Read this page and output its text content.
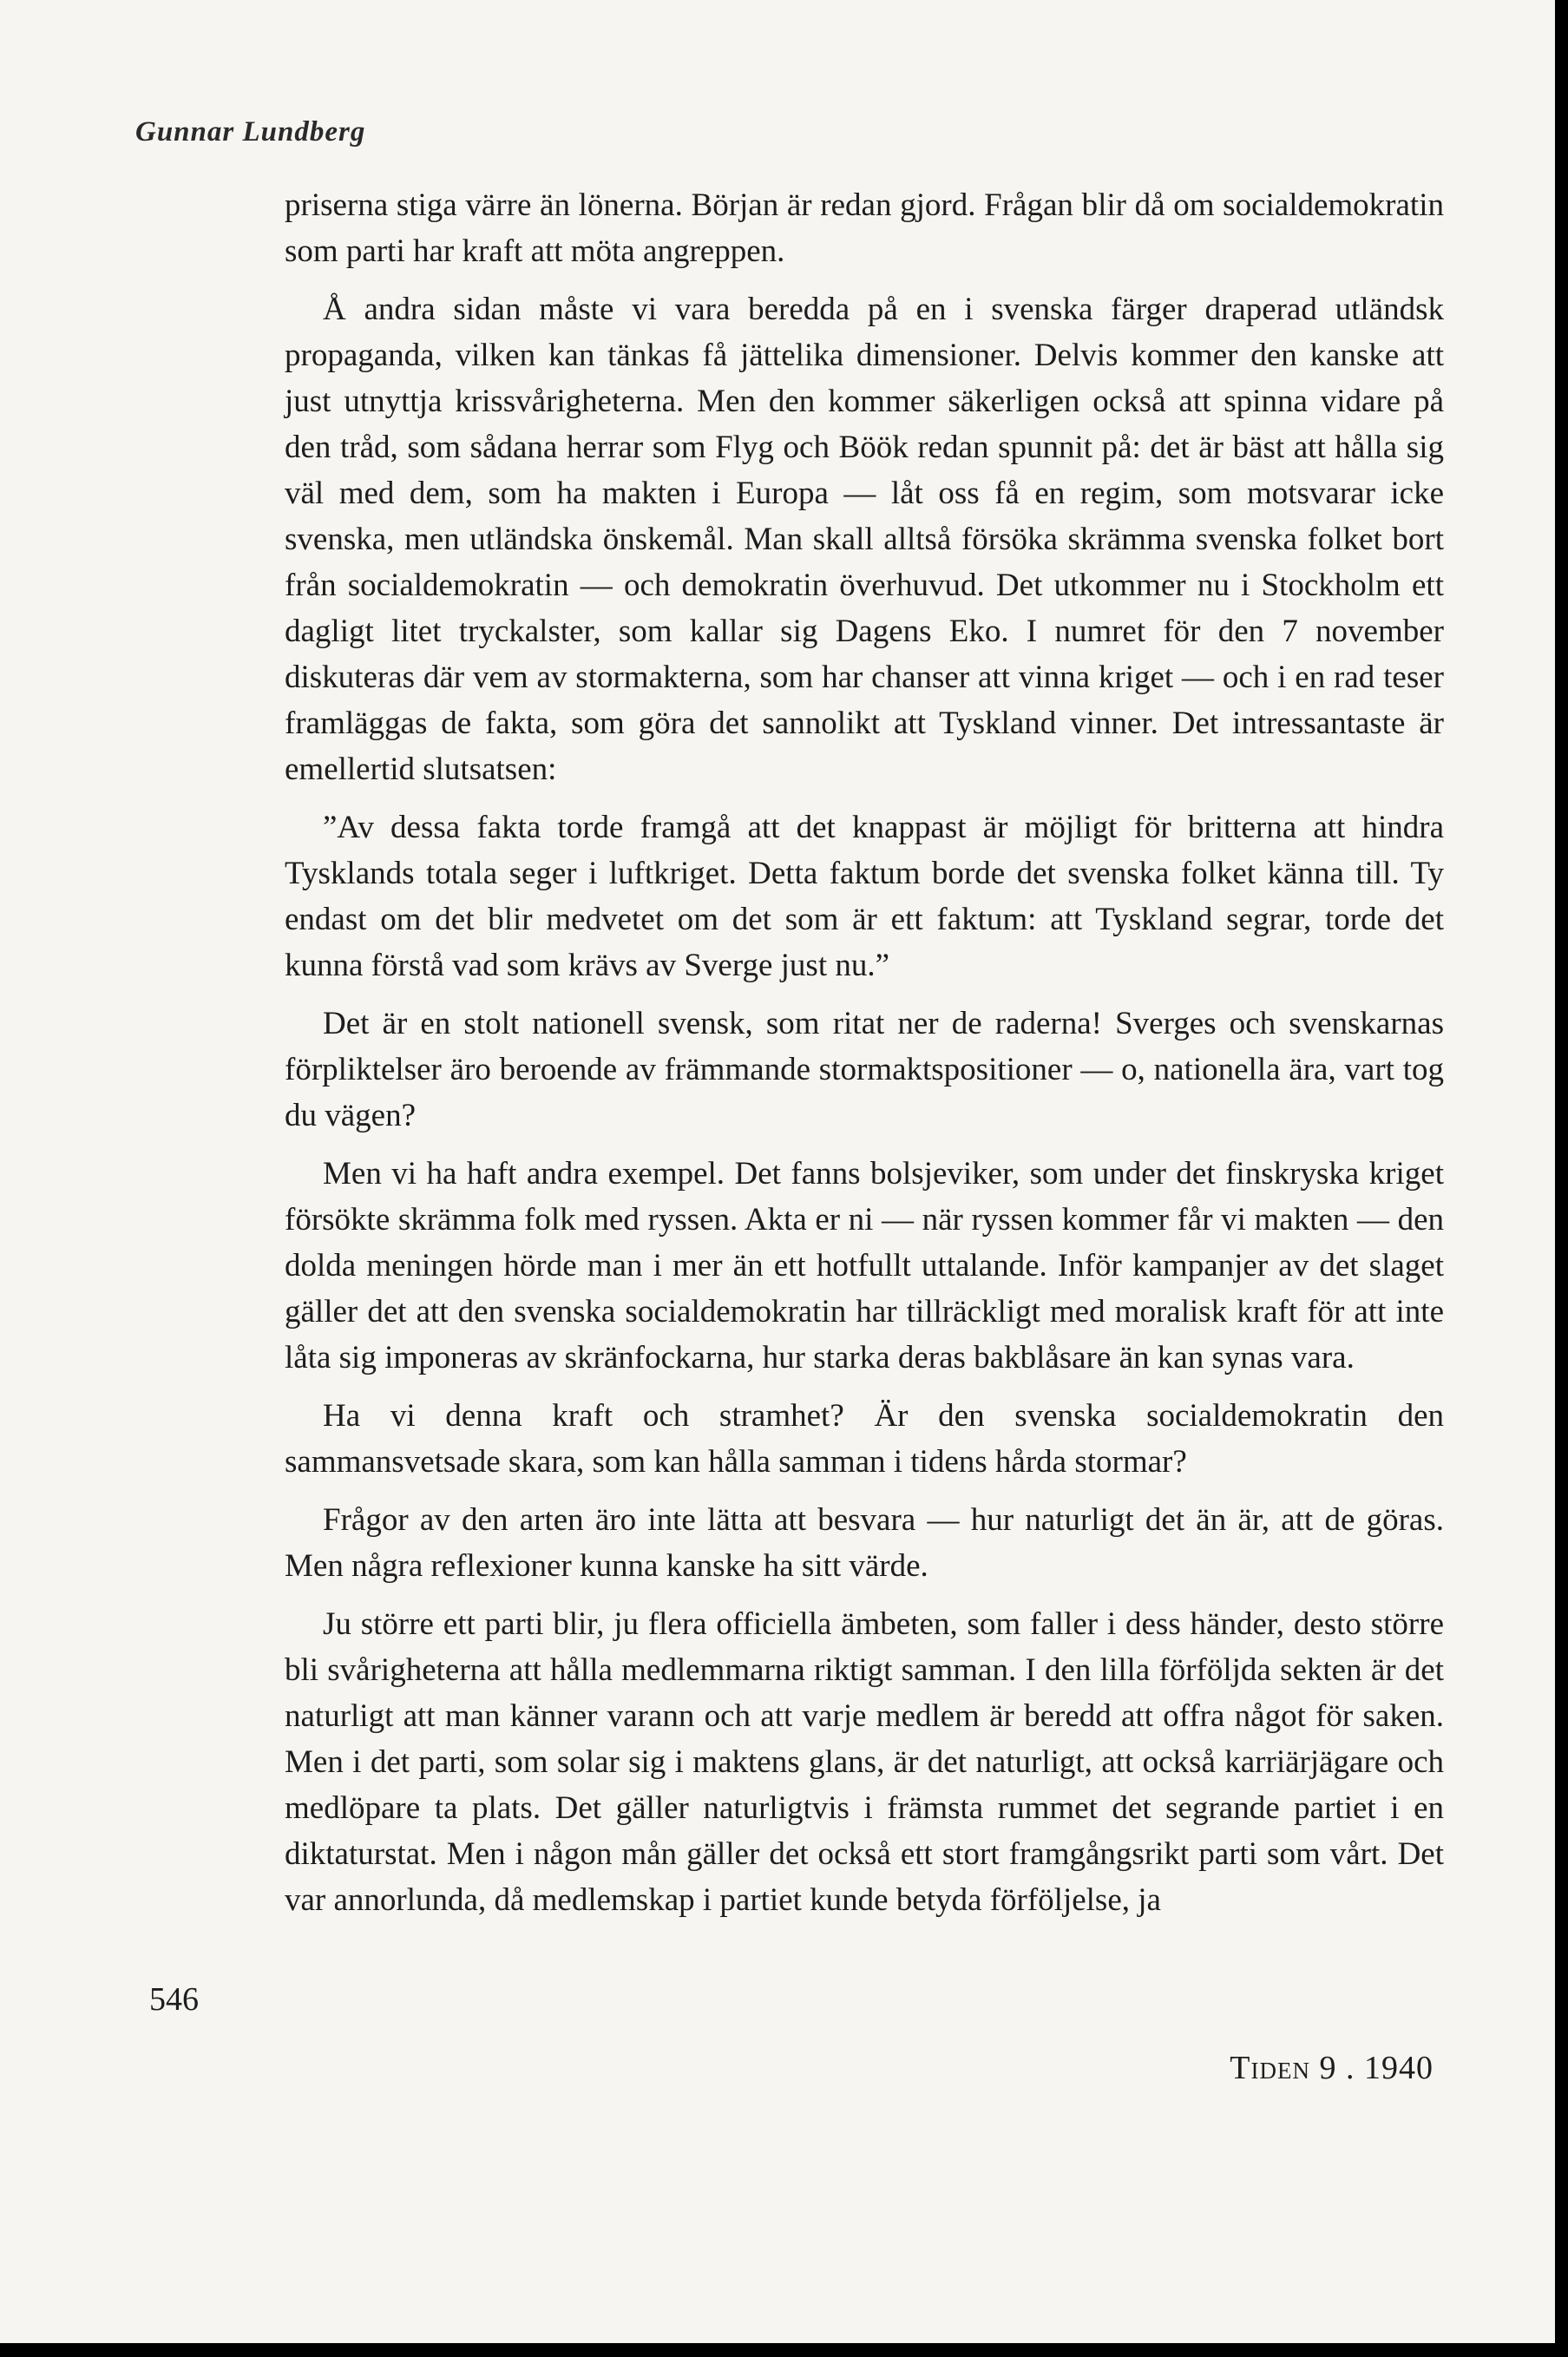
Gunnar Lundberg

priserna stiga värre än lönerna. Början är redan gjord. Frågan blir då om socialdemokratin som parti har kraft att möta angreppen.

Å andra sidan måste vi vara beredda på en i svenska färger draperad utländsk propaganda, vilken kan tänkas få jättelika dimensioner. Delvis kommer den kanske att just utnyttja krissvårigheterna. Men den kommer säkerligen också att spinna vidare på den tråd, som sådana herrar som Flyg och Böök redan spunnit på: det är bäst att hålla sig väl med dem, som ha makten i Europa — låt oss få en regim, som motsvarar icke svenska, men utländska önskemål. Man skall alltså försöka skrämma svenska folket bort från socialdemokratin — och demokratin överhuvud. Det utkommer nu i Stockholm ett dagligt litet tryckalster, som kallar sig Dagens Eko. I numret för den 7 november diskuteras där vem av stormakterna, som har chanser att vinna kriget — och i en rad teser framläggas de fakta, som göra det sannolikt att Tyskland vinner. Det intressantaste är emellertid slutsatsen:

”Av dessa fakta torde framgå att det knappast är möjligt för britterna att hindra Tysklands totala seger i luftkriget. Detta faktum borde det svenska folket känna till. Ty endast om det blir medvetet om det som är ett faktum: att Tyskland segrar, torde det kunna förstå vad som krävs av Sverge just nu.”

Det är en stolt nationell svensk, som ritat ner de raderna! Sverges och svenskarnas förpliktelser äro beroende av främmande stormaktspositioner — o, nationella ära, vart tog du vägen?

Men vi ha haft andra exempel. Det fanns bolsjeviker, som under det finskryska kriget försökte skrämma folk med ryssen. Akta er ni — när ryssen kommer får vi makten — den dolda meningen hörde man i mer än ett hotfullt uttalande. Inför kampanjer av det slaget gäller det att den svenska socialdemokratin har tillräckligt med moralisk kraft för att inte låta sig imponeras av skränfockarna, hur starka deras bakblåsare än kan synas vara.

Ha vi denna kraft och stramhet? Är den svenska socialdemokratin den sammansvetsade skara, som kan hålla samman i tidens hårda stormar?

Frågor av den arten äro inte lätta att besvara — hur naturligt det än är, att de göras. Men några reflexioner kunna kanske ha sitt värde.

Ju större ett parti blir, ju flera officiella ämbeten, som faller i dess händer, desto större bli svårigheterna att hålla medlemmarna riktigt samman. I den lilla förföljda sekten är det naturligt att man känner varann och att varje medlem är beredd att offra något för saken. Men i det parti, som solar sig i maktens glans, är det naturligt, att också karriärjägare och medlöpare ta plats. Det gäller naturligtvis i främsta rummet det segrande partiet i en diktaturstat. Men i någon mån gäller det också ett stort framgångsrikt parti som vårt. Det var annorlunda, då medlemskap i partiet kunde betyda förföljelse, ja

546
Tiden 9 . 1940
